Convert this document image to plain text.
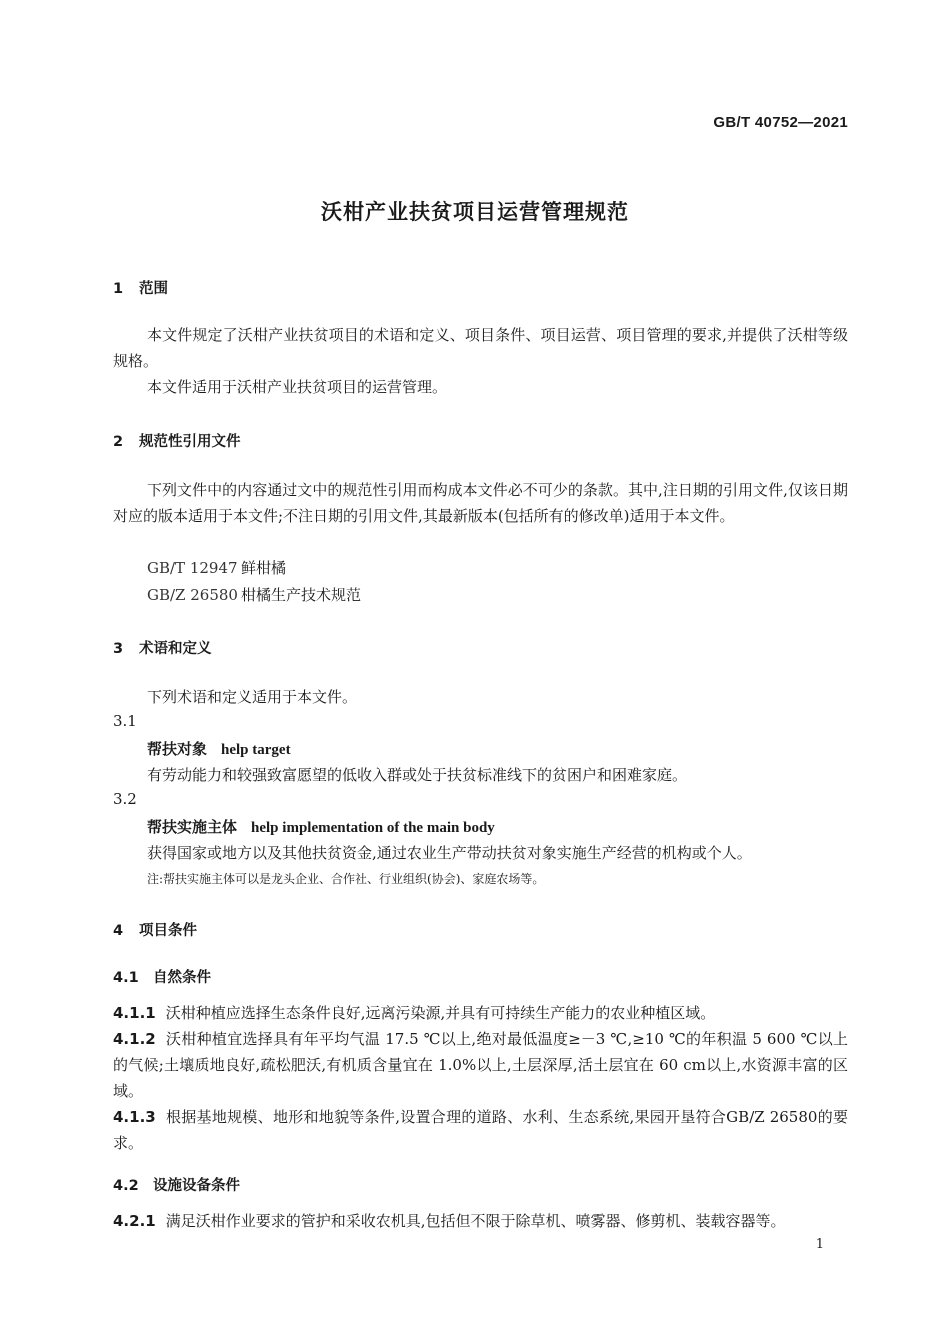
GB/T 40752—2021
沃柑产业扶贫项目运营管理规范
1 范围
本文件规定了沃柑产业扶贫项目的术语和定义、项目条件、项目运营、项目管理的要求,并提供了沃柑等级规格。
本文件适用于沃柑产业扶贫项目的运营管理。
2 规范性引用文件
下列文件中的内容通过文中的规范性引用而构成本文件必不可少的条款。其中,注日期的引用文件,仅该日期对应的版本适用于本文件;不注日期的引用文件,其最新版本(包括所有的修改单)适用于本文件。
GB/T 12947 鲜柑橘
GB/Z 26580 柑橘生产技术规范
3 术语和定义
下列术语和定义适用于本文件。
3.1
帮扶对象 help target
有劳动能力和较强致富愿望的低收入群或处于扶贫标准线下的贫困户和困难家庭。
3.2
帮扶实施主体 help implementation of the main body
获得国家或地方以及其他扶贫资金,通过农业生产带动扶贫对象实施生产经营的机构或个人。
注:帮扶实施主体可以是龙头企业、合作社、行业组织(协会)、家庭农场等。
4 项目条件
4.1 自然条件
4.1.1 沃柑种植应选择生态条件良好,远离污染源,并具有可持续生产能力的农业种植区域。
4.1.2 沃柑种植宜选择具有年平均气温 17.5 ℃以上,绝对最低温度≥－3 ℃,≥10 ℃的年积温 5 600 ℃以上的气候;土壤质地良好,疏松肥沃,有机质含量宜在 1.0%以上,土层深厚,活土层宜在 60 cm以上,水资源丰富的区域。
4.1.3 根据基地规模、地形和地貌等条件,设置合理的道路、水利、生态系统,果园开垦符合GB/Z 26580的要求。
4.2 设施设备条件
4.2.1 满足沃柑作业要求的管护和采收农机具,包括但不限于除草机、喷雾器、修剪机、装载容器等。
1
